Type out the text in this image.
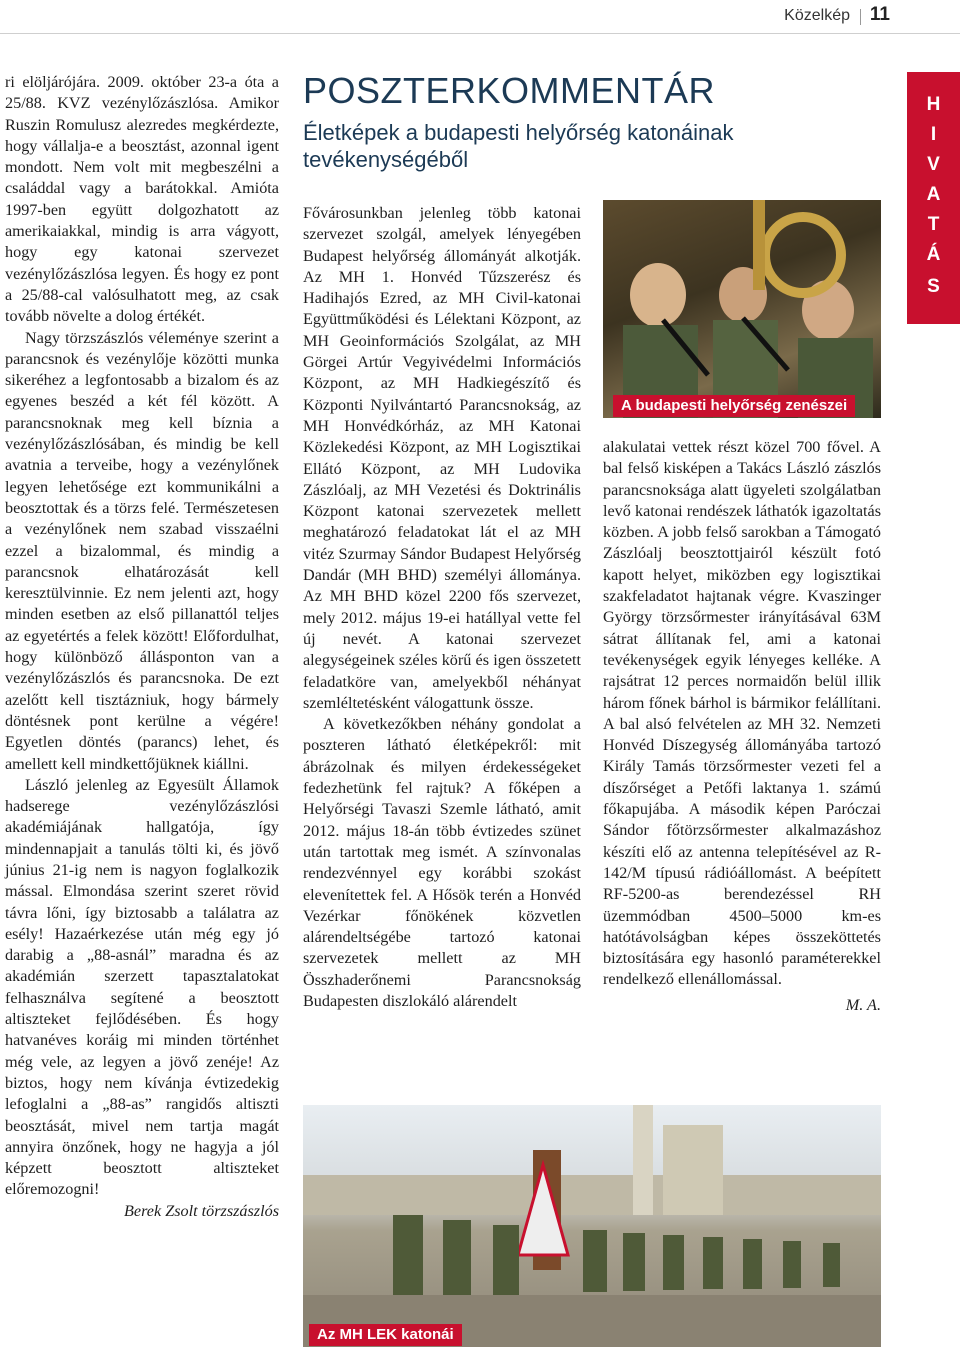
Közelkép 11
H
I
V
A
T
Á
S

ri elöljárójára. 2009. október 23-a óta a 25/88. KVZ vezénylőzászlósa. Amikor Ruszin Romulusz alezredes megkérdezte, hogy vállalja-e a beosztást, azonnal igent mondott. Nem volt mit megbeszélni a családdal vagy a barátokkal. Amióta 1997-ben együtt dolgozhatott az amerikaiakkal, mindig is arra vágyott, hogy egy katonai szervezet vezénylőzászlósa legyen. És hogy ez pont a 25/88-cal valósulhatott meg, az csak tovább növelte a dolog értékét.

Nagy törzszászlós véleménye szerint a parancsnok és vezénylője közötti munka sikeréhez a legfontosabb a bizalom és az egyenes beszéd a két fél között. A parancsnoknak meg kell bíznia a vezénylőzászlósában, és mindig be kell avatnia a terveibe, hogy a vezénylőnek legyen lehetősége ezt kommunikálni a beosztottak és a törzs felé. Természetesen a vezénylőnek nem szabad visszaélni ezzel a bizalommal, és mindig a parancsnok elhatározását kell keresztülvinnie. Ez nem jelenti azt, hogy minden esetben az első pillanattól teljes az egyetértés a felek között! Előfordulhat, hogy különböző állásponton van a vezénylőzászlós és parancsnoka. De ezt azelőtt kell tisztázniuk, hogy bármely döntésnek pont kerülne a végére! Egyetlen döntés (parancs) lehet, és amellett kell mindkettőjüknek kiállni.

László jelenleg az Egyesült Államok hadserege vezénylőzászlósi akadémiájának hallgatója, így mindennapjait a tanulás tölti ki, és jövő június 21-ig nem is nagyon foglalkozik mással. Elmondása szerint szeret rövid távra lőni, így biztosabb a találatra az esély! Hazaérkezése után még egy jó darabig a „88-asnál” maradna és az akadémián szerzett tapasztalatokat felhasználva segítené a beosztott altiszteket fejlődésében. És hogy hatvanéves koráig mi minden történhet még vele, az legyen a jövő zenéje! Az biztos, hogy nem kívánja évtizedekig lefoglalni a „88-as” rangidős altiszti beosztását, mivel nem tartja magát annyira önzőnek, hogy ne hagyja a jól képzett beosztott altiszteket előremozogni!

Berek Zsolt törzszászlós

POSZTERKOMMENTÁR
Életképek a budapesti helyőrség katonáinak tevékenységéből

Fővárosunkban jelenleg több katonai szervezet szolgál, amelyek lényegében Budapest helyőrség állományát alkotják. Az MH 1. Honvéd Tűzszerész és Hadihajós Ezred, az MH Civil-katonai Együttműködési és Lélektani Központ, az MH Geoinformációs Szolgálat, az MH Görgei Artúr Vegyivédelmi Információs Központ, az MH Hadkiegészítő és Központi Nyilvántartó Parancsnokság, az MH Honvédkórház, az MH Katonai Közlekedési Központ, az MH Logisztikai Ellátó Központ, az MH Ludovika Zászlóalj, az MH Vezetési és Doktrinális Központ katonai szervezetek mellett meghatározó feladatokat lát el az MH vitéz Szurmay Sándor Budapest Helyőrség Dandár (MH BHD) személyi állománya. Az MH BHD közel 2200 fős szervezet, mely 2012. május 19-ei hatállyal vette fel új nevét. A katonai szervezet alegységeinek széles körű és igen összetett feladatköre van, amelyekből néhányat szemléltetésként válogattunk össze.

A következőkben néhány gondolat a poszteren látható életképekről: mit ábrázolnak és milyen érdekességeket fedezhetünk fel rajtuk? A főképen a Helyőrségi Tavaszi Szemle látható, amit 2012. május 18-án több évtizedes szünet után tartottak meg ismét. A színvonalas rendezvénnyel egy korábbi szokást elevenítettek fel. A Hősök terén a Honvéd Vezérkar főnökének közvetlen alárendeltségébe tartozó katonai szervezetek mellett az MH Összhaderőnemi Parancsnokság Budapesten diszlokáló alárendelt

A budapesti helyőrség zenészei

alakulatai vettek részt közel 700 fővel. A bal felső kisképen a Takács László zászlós parancsnoksága alatt ügyeleti szolgálatban levő katonai rendészek láthatók igazoltatás közben. A jobb felső sarokban a Támogató Zászlóalj beosztottjairól készült fotó kapott helyet, miközben egy logisztikai szakfeladatot hajtanak végre. Kvaszinger György törzsőrmester irányításával 63M sátrat állítanak fel, ami a katonai tevékenységek egyik lényeges kelléke. A rajsátrat 12 perces normaidőn belül illik három főnek bárhol is bármikor felállítani. A bal alsó felvételen az MH 32. Nemzeti Honvéd Díszegység állományába tartozó Király Tamás törzsőrmester vezeti fel a díszőrséget a Petőfi laktanya 1. számú főkapujába. A második képen Paróczai Sándor főtörzsőrmester alkalmazáshoz készíti elő az antenna telepítésével az R-142/M típusú rádióállomást. A beépített RF-5200-as berendezéssel RH üzemmódban 4500–5000 km-es hatótávolságban képes összeköttetés biztosítására egy hasonló paraméterekkel rendelkező ellenállomással.

M. A.

Az MH LEK katonái
